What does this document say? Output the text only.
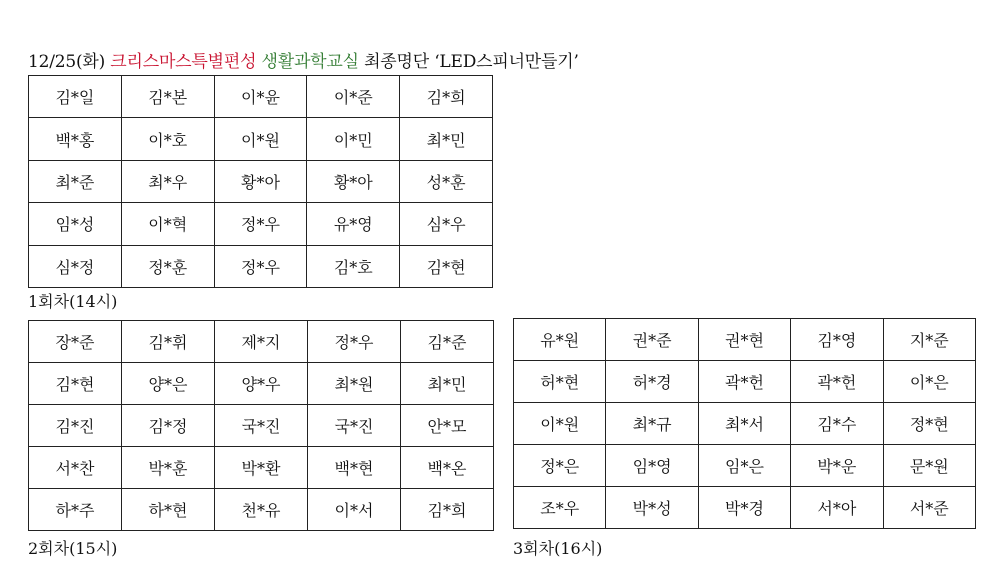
12/25(화) 크리스마스특별편성 생활과학교실 최종명단 ‘LED스피너만들기’
김*일	김*본	이*윤	이*준	김*희
백*홍	이*호	이*원	이*민	최*민
최*준	최*우	황*아	황*아	성*훈
임*성	이*혁	정*우	유*영	심*우
심*정	정*훈	정*우	김*호	김*현
1회차(14시)
장*준	김*휘	제*지	정*우	김*준
김*현	양*은	양*우	최*원	최*민
김*진	김*정	국*진	국*진	안*모
서*찬	박*훈	박*환	백*현	백*온
하*주	하*현	천*유	이*서	김*희
2회차(15시)
유*원	권*준	권*현	김*영	지*준
허*현	허*경	곽*헌	곽*헌	이*은
이*원	최*규	최*서	김*수	정*현
정*은	임*영	임*은	박*운	문*원
조*우	박*성	박*경	서*아	서*준
3회차(16시)
